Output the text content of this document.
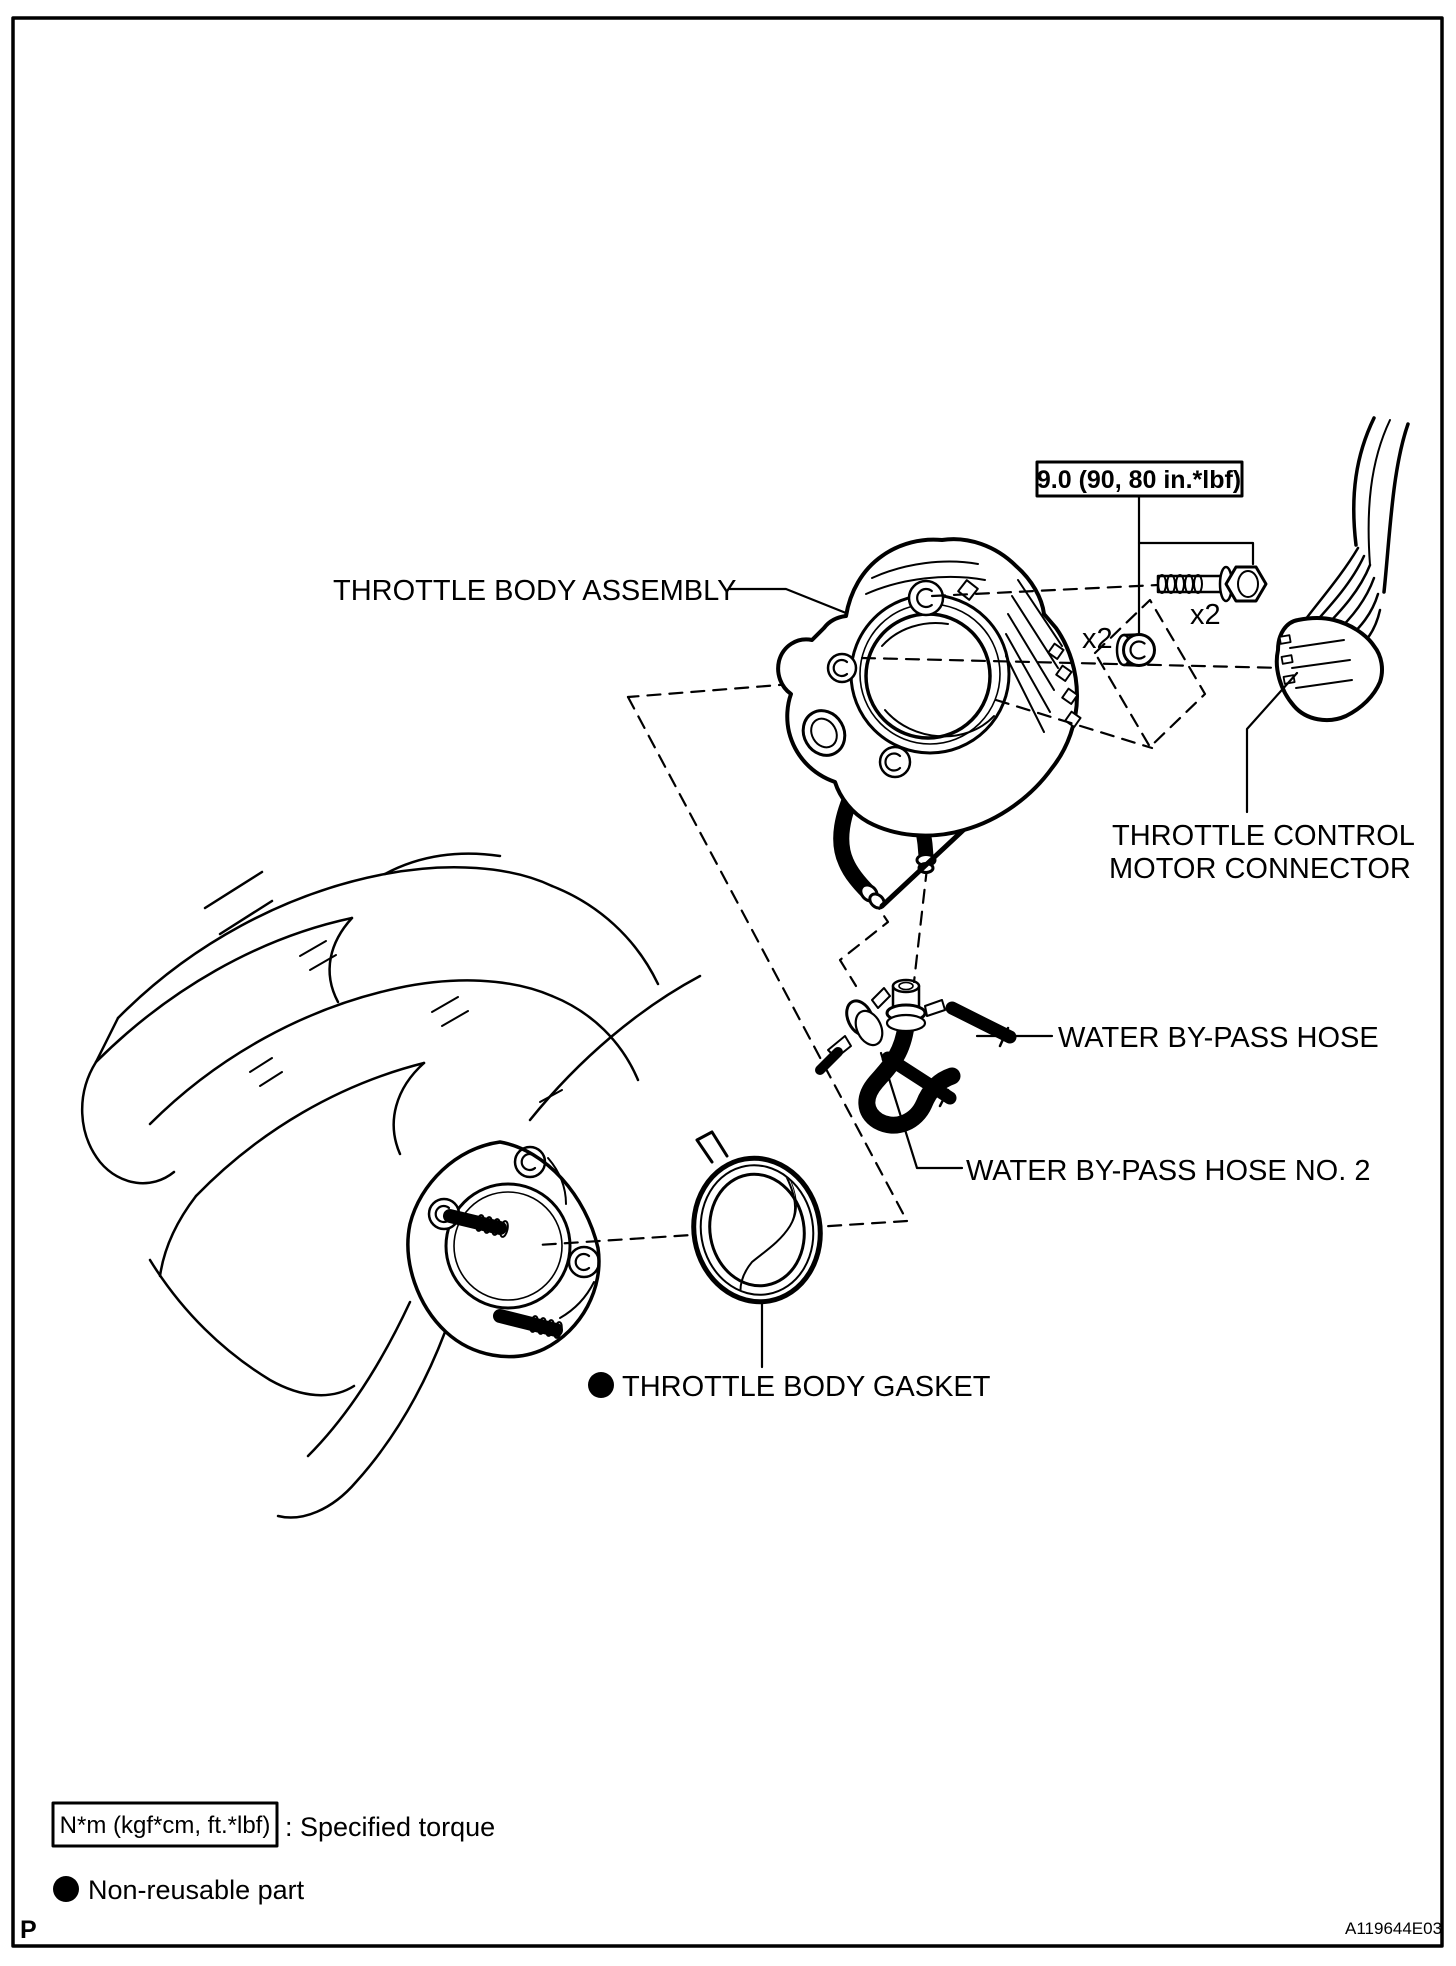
9.0 (90, 80 in.*lbf)
THROTTLE BODY ASSEMBLY
x2
x2
THROTTLE CONTROL
MOTOR CONNECTOR
WATER BY-PASS HOSE
WATER BY-PASS HOSE NO. 2
THROTTLE BODY GASKET
N*m (kgf*cm, ft.*lbf) : Specified torque
Non-reusable part
P	A119644E03
